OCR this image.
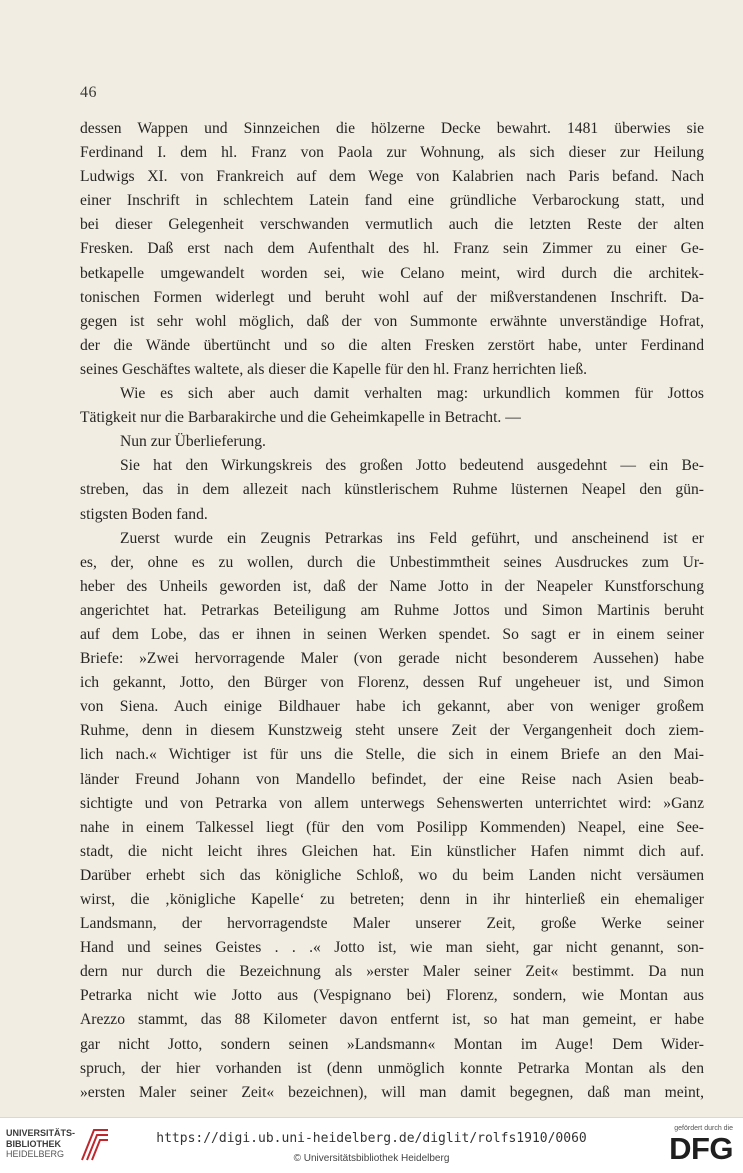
46
dessen Wappen und Sinnzeichen die hölzerne Decke bewahrt. 1481 überwies sie
Ferdinand I. dem hl. Franz von Paola zur Wohnung, als sich dieser zur Heilung
Ludwigs XI. von Frankreich auf dem Wege von Kalabrien nach Paris befand. Nach
einer Inschrift in schlechtem Latein fand eine gründliche Verbarockung statt, und
bei dieser Gelegenheit verschwanden vermutlich auch die letzten Reste der alten
Fresken. Daß erst nach dem Aufenthalt des hl. Franz sein Zimmer zu einer Ge-
betkapelle umgewandelt worden sei, wie Celano meint, wird durch die architek-
tonischen Formen widerlegt und beruht wohl auf der mißverstandenen Inschrift. Da-
gegen ist sehr wohl möglich, daß der von Summonte erwähnte unverständige Hofrat,
der die Wände übertüncht und so die alten Fresken zerstört habe, unter Ferdinand
seines Geschäftes waltete, als dieser die Kapelle für den hl. Franz herrichten ließ.
Wie es sich aber auch damit verhalten mag: urkundlich kommen für Jottos
Tätigkeit nur die Barbarakirche und die Geheimkapelle in Betracht. —
Nun zur Überlieferung.
Sie hat den Wirkungskreis des großen Jotto bedeutend ausgedehnt — ein Be-
streben, das in dem allezeit nach künstlerischem Ruhme lüsternen Neapel den gün-
stigsten Boden fand.
Zuerst wurde ein Zeugnis Petrarkas ins Feld geführt, und anscheinend ist er
es, der, ohne es zu wollen, durch die Unbestimmtheit seines Ausdruckes zum Ur-
heber des Unheils geworden ist, daß der Name Jotto in der Neapeler Kunstforschung
angerichtet hat. Petrarkas Beteiligung am Ruhme Jottos und Simon Martinis beruht
auf dem Lobe, das er ihnen in seinen Werken spendet. So sagt er in einem seiner
Briefe: »Zwei hervorragende Maler (von gerade nicht besonderem Aussehen) habe
ich gekannt, Jotto, den Bürger von Florenz, dessen Ruf ungeheuer ist, und Simon
von Siena. Auch einige Bildhauer habe ich gekannt, aber von weniger großem
Ruhme, denn in diesem Kunstzweig steht unsere Zeit der Vergangenheit doch ziem-
lich nach.« Wichtiger ist für uns die Stelle, die sich in einem Briefe an den Mai-
länder Freund Johann von Mandello befindet, der eine Reise nach Asien beab-
sichtigte und von Petrarka von allem unterwegs Sehenswerten unterrichtet wird: »Ganz
nahe in einem Talkessel liegt (für den vom Posilipp Kommenden) Neapel, eine See-
stadt, die nicht leicht ihres Gleichen hat. Ein künstlicher Hafen nimmt dich auf.
Darüber erhebt sich das königliche Schloß, wo du beim Landen nicht versäumen
wirst, die ‚königliche Kapelle‘ zu betreten; denn in ihr hinterließ ein ehemaliger
Landsmann, der hervorragendste Maler unserer Zeit, große Werke seiner
Hand und seines Geistes . . .« Jotto ist, wie man sieht, gar nicht genannt, son-
dern nur durch die Bezeichnung als »erster Maler seiner Zeit« bestimmt. Da nun
Petrarka nicht wie Jotto aus (Vespignano bei) Florenz, sondern, wie Montan aus
Arezzo stammt, das 88 Kilometer davon entfernt ist, so hat man gemeint, er habe
gar nicht Jotto, sondern seinen »Landsmann« Montan im Auge! Dem Wider-
spruch, der hier vorhanden ist (denn unmöglich konnte Petrarka Montan als den
»ersten Maler seiner Zeit« bezeichnen), will man damit begegnen, daß man meint,
UNIVERSITÄTS-
BIBLIOTHEK
HEIDELBERG
https://digi.ub.uni-heidelberg.de/diglit/rolfs1910/0060
© Universitätsbibliothek Heidelberg
gefördert durch die
DFG
